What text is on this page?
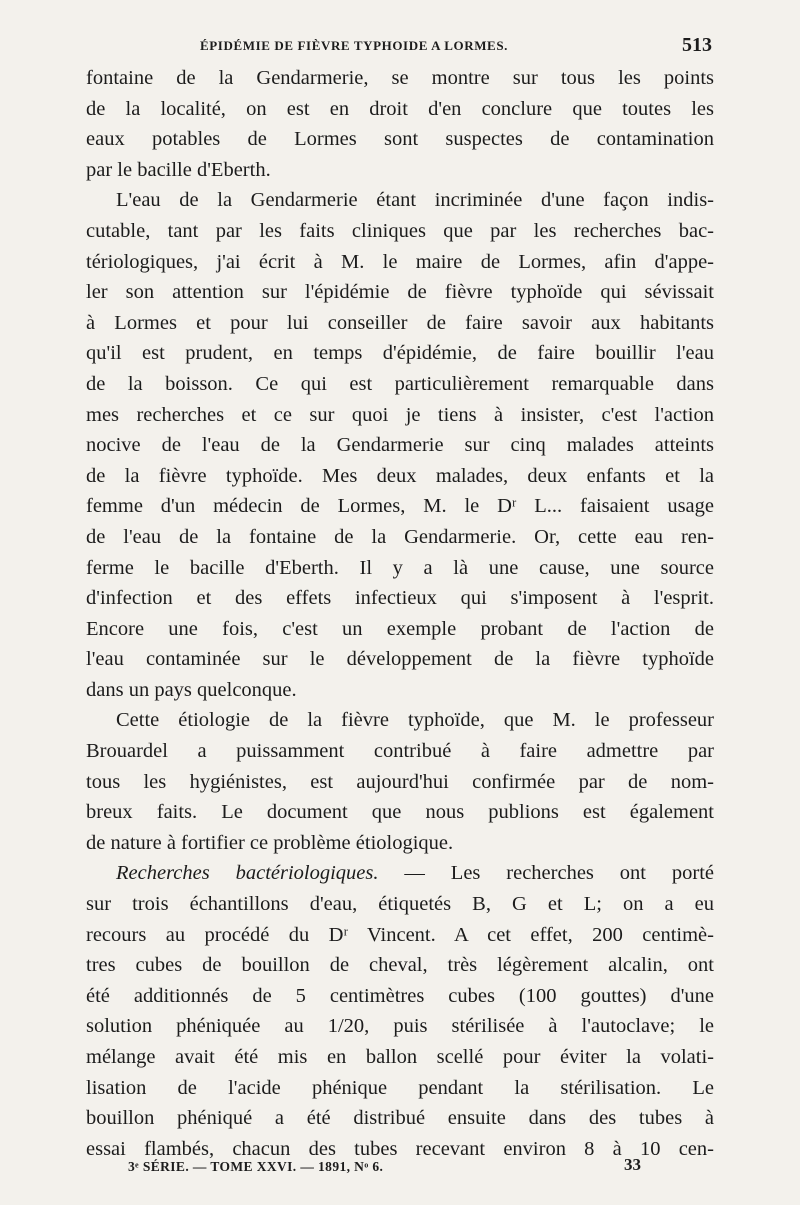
ÉPIDÉMIE DE FIÈVRE TYPHOIDE A LORMES.	513
fontaine de la Gendarmerie, se montre sur tous les points
de la localité, on est en droit d'en conclure que toutes les
eaux potables de Lormes sont suspectes de contamination
par le bacille d'Eberth.
L'eau de la Gendarmerie étant incriminée d'une façon indis-
cutable, tant par les faits cliniques que par les recherches bac-
tériologiques, j'ai écrit à M. le maire de Lormes, afin d'appe-
ler son attention sur l'épidémie de fièvre typhoïde qui sévissait
à Lormes et pour lui conseiller de faire savoir aux habitants
qu'il est prudent, en temps d'épidémie, de faire bouillir l'eau
de la boisson. Ce qui est particulièrement remarquable dans
mes recherches et ce sur quoi je tiens à insister, c'est l'action
nocive de l'eau de la Gendarmerie sur cinq malades atteints
de la fièvre typhoïde. Mes deux malades, deux enfants et la
femme d'un médecin de Lormes, M. le Dʳ L... faisaient usage
de l'eau de la fontaine de la Gendarmerie. Or, cette eau ren-
ferme le bacille d'Eberth. Il y a là une cause, une source
d'infection et des effets infectieux qui s'imposent à l'esprit.
Encore une fois, c'est un exemple probant de l'action de
l'eau contaminée sur le développement de la fièvre typhoïde
dans un pays quelconque.
Cette étiologie de la fièvre typhoïde, que M. le professeur
Brouardel a puissamment contribué à faire admettre par
tous les hygiénistes, est aujourd'hui confirmée par de nom-
breux faits. Le document que nous publions est également
de nature à fortifier ce problème étiologique.
Recherches bactériologiques. — Les recherches ont porté
sur trois échantillons d'eau, étiquetés B, G et L; on a eu
recours au procédé du Dʳ Vincent. A cet effet, 200 centimè-
tres cubes de bouillon de cheval, très légèrement alcalin, ont
été additionnés de 5 centimètres cubes (100 gouttes) d'une
solution phéniquée au 1/20, puis stérilisée à l'autoclave; le
mélange avait été mis en ballon scellé pour éviter la volati-
lisation de l'acide phénique pendant la stérilisation. Le
bouillon phéniqué a été distribué ensuite dans des tubes à
essai flambés, chacun des tubes recevant environ 8 à 10 cen-
3ᵉ SÉRIE. — TOME XXVI. — 1891, Nᵒ 6.	33
